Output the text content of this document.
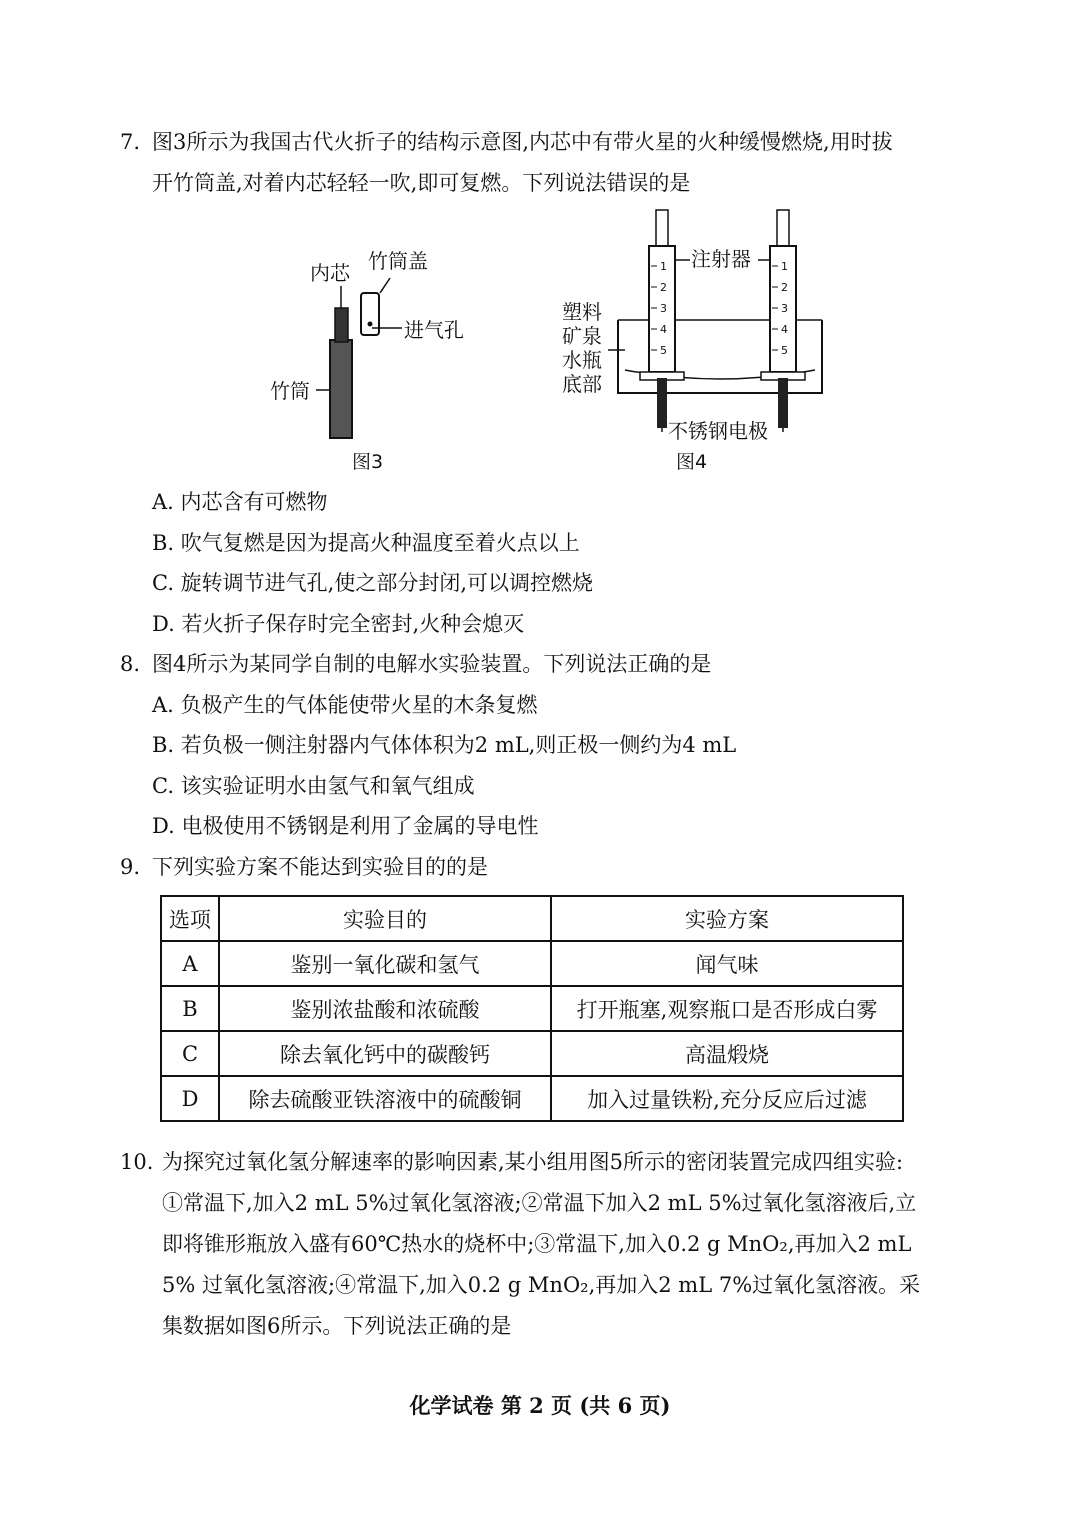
7. 图3所示为我国古代火折子的结构示意图,内芯中有带火星的火种缓慢燃烧,用时拔
开竹筒盖,对着内芯轻轻一吹,即可复燃。下列说法错误的是
内芯 竹筒盖
进气孔
竹筒
图3
1
2
3
4
5
1
2
3
4
5
注射器
塑料
矿泉
水瓶
底部
不锈钢电极
图4
A. 内芯含有可燃物
B. 吹气复燃是因为提高火种温度至着火点以上
C. 旋转调节进气孔,使之部分封闭,可以调控燃烧
D. 若火折子保存时完全密封,火种会熄灭
8. 图4所示为某同学自制的电解水实验装置。下列说法正确的是
A. 负极产生的气体能使带火星的木条复燃
B. 若负极一侧注射器内气体体积为2 mL,则正极一侧约为4 mL
C. 该实验证明水由氢气和氧气组成
D. 电极使用不锈钢是利用了金属的导电性
9. 下列实验方案不能达到实验目的的是
选项	实验目的	实验方案
A	鉴别一氧化碳和氢气	闻气味
B	鉴别浓盐酸和浓硫酸	打开瓶塞,观察瓶口是否形成白雾
C	除去氧化钙中的碳酸钙	高温煅烧
D	除去硫酸亚铁溶液中的硫酸铜	加入过量铁粉,充分反应后过滤
10. 为探究过氧化氢分解速率的影响因素,某小组用图5所示的密闭装置完成四组实验:
①常温下,加入2 mL 5%过氧化氢溶液;②常温下加入2 mL 5%过氧化氢溶液后,立
即将锥形瓶放入盛有60℃热水的烧杯中;③常温下,加入0.2 g MnO₂,再加入2 mL
5% 过氧化氢溶液;④常温下,加入0.2 g MnO₂,再加入2 mL 7%过氧化氢溶液。采
集数据如图6所示。下列说法正确的是
化学试卷 第 2 页 (共 6 页)
